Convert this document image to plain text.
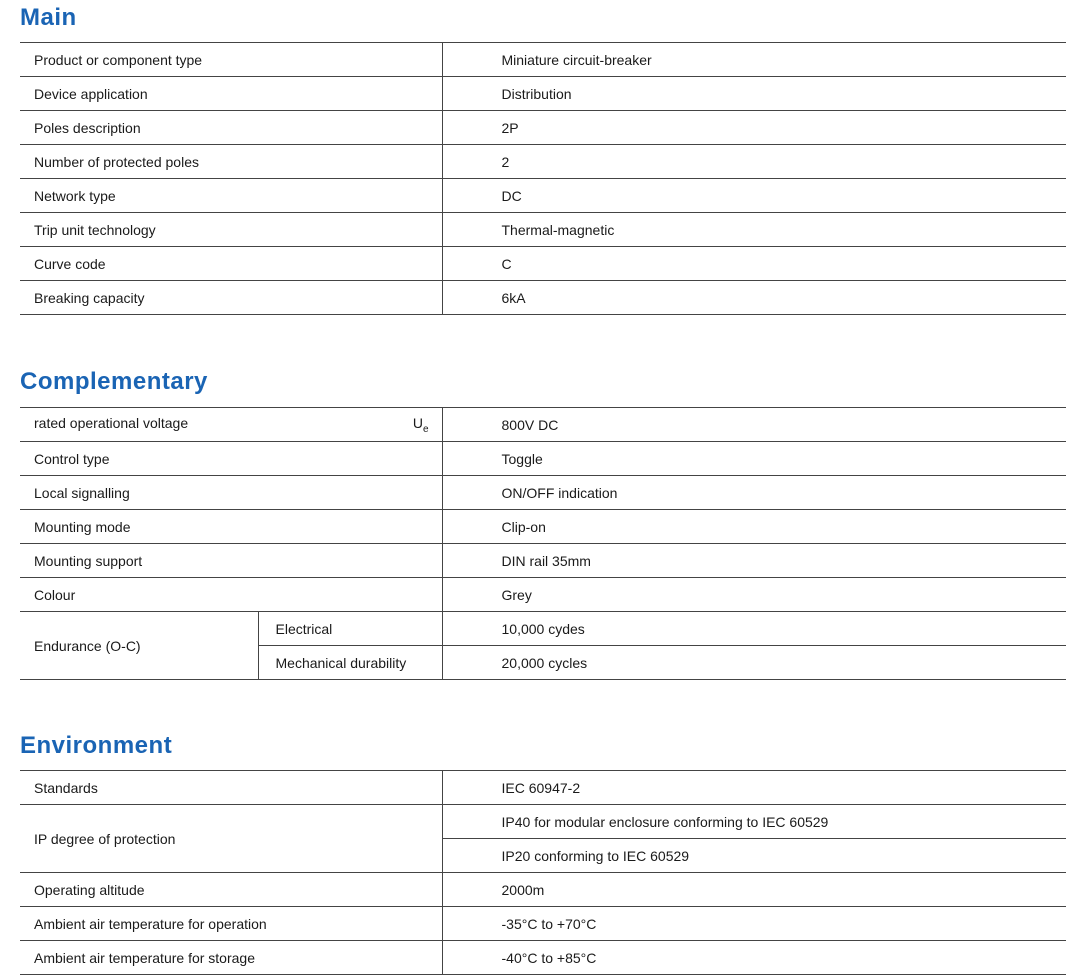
Main
Product or component type	Miniature circuit-breaker
Device application	Distribution
Poles description	2P
Number of protected poles	2
Network type	DC
Trip unit technology	Thermal-magnetic
Curve code	C
Breaking capacity	6kA
Complementary
rated operational voltage $U_e$		800V DC
Control type		Toggle
Local signalling		ON/OFF indication
Mounting mode		Clip-on
Mounting support		DIN rail 35mm
Colour		Grey
Endurance (O-C)	Electrical	10,000 cydes
	Mechanical durability	20,000 cycles
Environment
Standards	IEC 60947-2
IP degree of protection	IP40 for modular enclosure conforming to IEC 60529
	IP20 conforming to IEC 60529
Operating altitude	2000m
Ambient air temperature for operation	-35°C to +70°C
Ambient air temperature for storage	-40°C to +85°C
